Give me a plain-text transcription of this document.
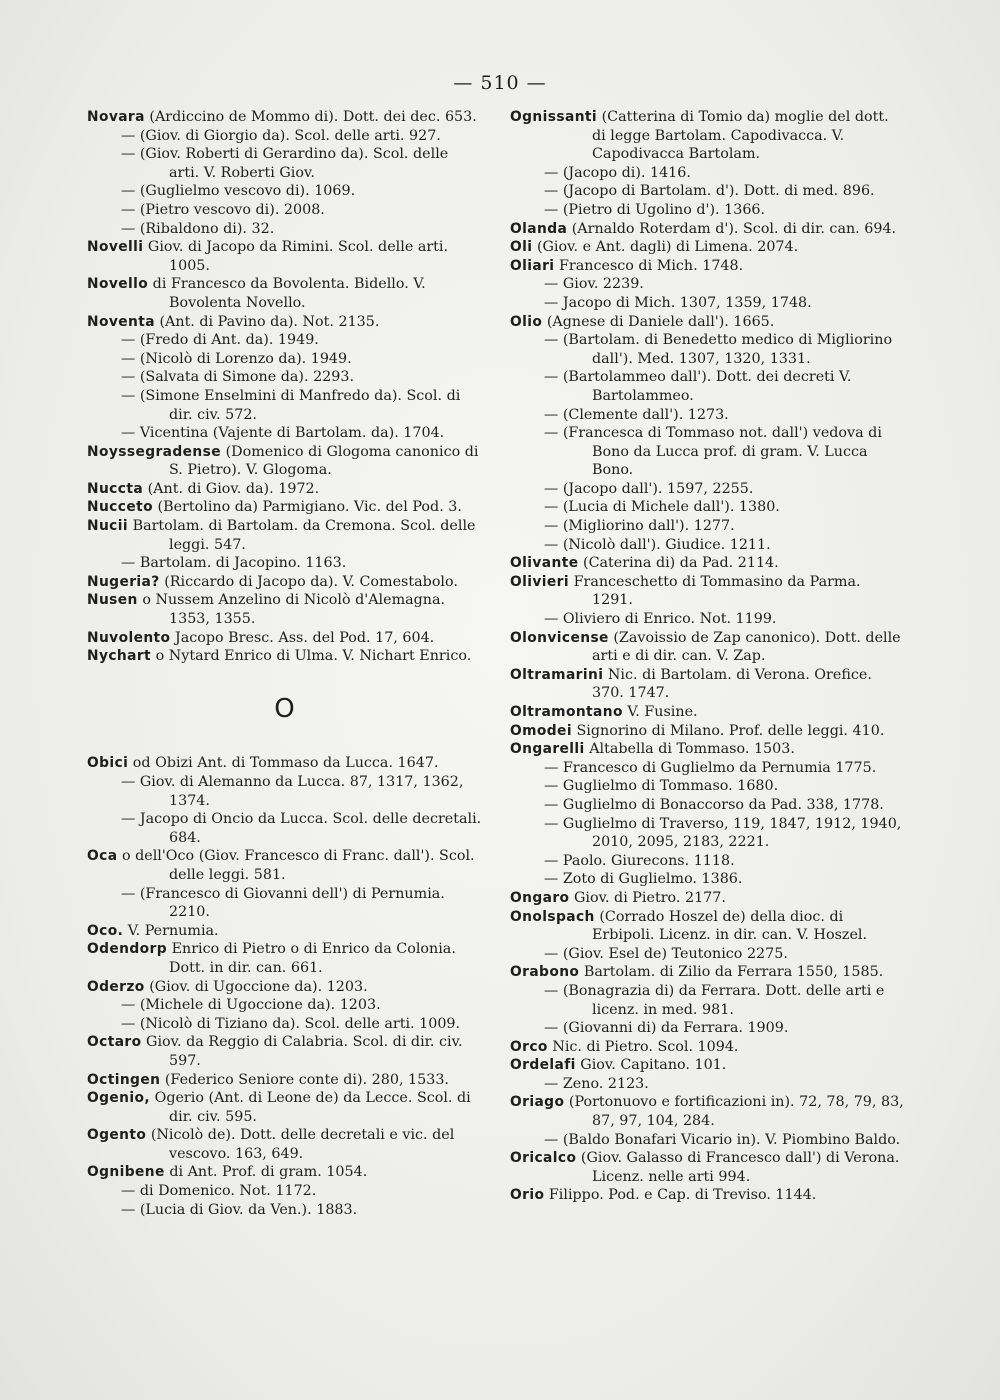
— 510 —

Novara (Ardiccino de Mommo di). Dott. dei dec. 653.

— (Giov. di Giorgio da). Scol. delle arti. 927.

— (Giov. Roberti di Gerardino da). Scol. delle arti. V. Roberti Giov.

— (Guglielmo vescovo di). 1069.

— (Pietro vescovo di). 2008.

— (Ribaldono di). 32.

Novelli Giov. di Jacopo da Rimini. Scol. delle arti. 1005.

Novello di Francesco da Bovolenta. Bidello. V. Bovolenta Novello.

Noventa (Ant. di Pavino da). Not. 2135.

— (Fredo di Ant. da). 1949.

— (Nicolò di Lorenzo da). 1949.

— (Salvata di Simone da). 2293.

— (Simone Enselmini di Manfredo da). Scol. di dir. civ. 572.

— Vicentina (Vajente di Bartolam. da). 1704.

Noyssegradense (Domenico di Glogoma canonico di S. Pietro). V. Glogoma.

Nuccta (Ant. di Giov. da). 1972.

Nucceto (Bertolino da) Parmigiano. Vic. del Pod. 3.

Nucii Bartolam. di Bartolam. da Cremona. Scol. delle leggi. 547.

— Bartolam. di Jacopino. 1163.

Nugeria? (Riccardo di Jacopo da). V. Comestabolo.

Nusen o Nussem Anzelino di Nicolò d'Alemagna. 1353, 1355.

Nuvolento Jacopo Bresc. Ass. del Pod. 17, 604.

Nychart o Nytard Enrico di Ulma. V. Nichart Enrico.

O

Obici od Obizi Ant. di Tommaso da Lucca. 1647.

— Giov. di Alemanno da Lucca. 87, 1317, 1362, 1374.

— Jacopo di Oncio da Lucca. Scol. delle decretali. 684.

Oca o dell'Oco (Giov. Francesco di Franc. dall'). Scol. delle leggi. 581.

— (Francesco di Giovanni dell') di Pernumia. 2210.

Oco. V. Pernumia.

Odendorp Enrico di Pietro o di Enrico da Colonia. Dott. in dir. can. 661.

Oderzo (Giov. di Ugoccione da). 1203.

— (Michele di Ugoccione da). 1203.

— (Nicolò di Tiziano da). Scol. delle arti. 1009.

Octaro Giov. da Reggio di Calabria. Scol. di dir. civ. 597.

Octingen (Federico Seniore conte di). 280, 1533.

Ogenio, Ogerio (Ant. di Leone de) da Lecce. Scol. di dir. civ. 595.

Ogento (Nicolò de). Dott. delle decretali e vic. del vescovo. 163, 649.

Ognibene di Ant. Prof. di gram. 1054.

— di Domenico. Not. 1172.

— (Lucia di Giov. da Ven.). 1883.

Ognissanti (Catterina di Tomio da) moglie del dott. di legge Bartolam. Capodivacca. V. Capodivacca Bartolam.

— (Jacopo di). 1416.

— (Jacopo di Bartolam. d'). Dott. di med. 896.

— (Pietro di Ugolino d'). 1366.

Olanda (Arnaldo Roterdam d'). Scol. di dir. can. 694.

Oli (Giov. e Ant. dagli) di Limena. 2074.

Oliari Francesco di Mich. 1748.

— Giov. 2239.

— Jacopo di Mich. 1307, 1359, 1748.

Olio (Agnese di Daniele dall'). 1665.

— (Bartolam. di Benedetto medico di Migliorino dall'). Med. 1307, 1320, 1331.

— (Bartolammeo dall'). Dott. dei decreti V. Bartolammeo.

— (Clemente dall'). 1273.

— (Francesca di Tommaso not. dall') vedova di Bono da Lucca prof. di gram. V. Lucca Bono.

— (Jacopo dall'). 1597, 2255.

— (Lucia di Michele dall'). 1380.

— (Migliorino dall'). 1277.

— (Nicolò dall'). Giudice. 1211.

Olivante (Caterina di) da Pad. 2114.

Olivieri Franceschetto di Tommasino da Parma. 1291.

— Oliviero di Enrico. Not. 1199.

Olonvicense (Zavoissio de Zap canonico). Dott. delle arti e di dir. can. V. Zap.

Oltramarini Nic. di Bartolam. di Verona. Orefice. 370. 1747.

Oltramontano V. Fusine.

Omodei Signorino di Milano. Prof. delle leggi. 410.

Ongarelli Altabella di Tommaso. 1503.

— Francesco di Guglielmo da Pernumia 1775.

— Guglielmo di Tommaso. 1680.

— Guglielmo di Bonaccorso da Pad. 338, 1778.

— Guglielmo di Traverso, 119, 1847, 1912, 1940, 2010, 2095, 2183, 2221.

— Paolo. Giurecons. 1118.

— Zoto di Guglielmo. 1386.

Ongaro Giov. di Pietro. 2177.

Onolspach (Corrado Hoszel de) della dioc. di Erbipoli. Licenz. in dir. can. V. Hoszel.

— (Giov. Esel de) Teutonico 2275.

Orabono Bartolam. di Zilio da Ferrara 1550, 1585.

— (Bonagrazia di) da Ferrara. Dott. delle arti e licenz. in med. 981.

— (Giovanni di) da Ferrara. 1909.

Orco Nic. di Pietro. Scol. 1094.

Ordelafi Giov. Capitano. 101.

— Zeno. 2123.

Oriago (Portonuovo e fortificazioni in). 72, 78, 79, 83, 87, 97, 104, 284.

— (Baldo Bonafari Vicario in). V. Piombino Baldo.

Oricalco (Giov. Galasso di Francesco dall') di Verona. Licenz. nelle arti 994.

Orio Filippo. Pod. e Cap. di Treviso. 1144.
